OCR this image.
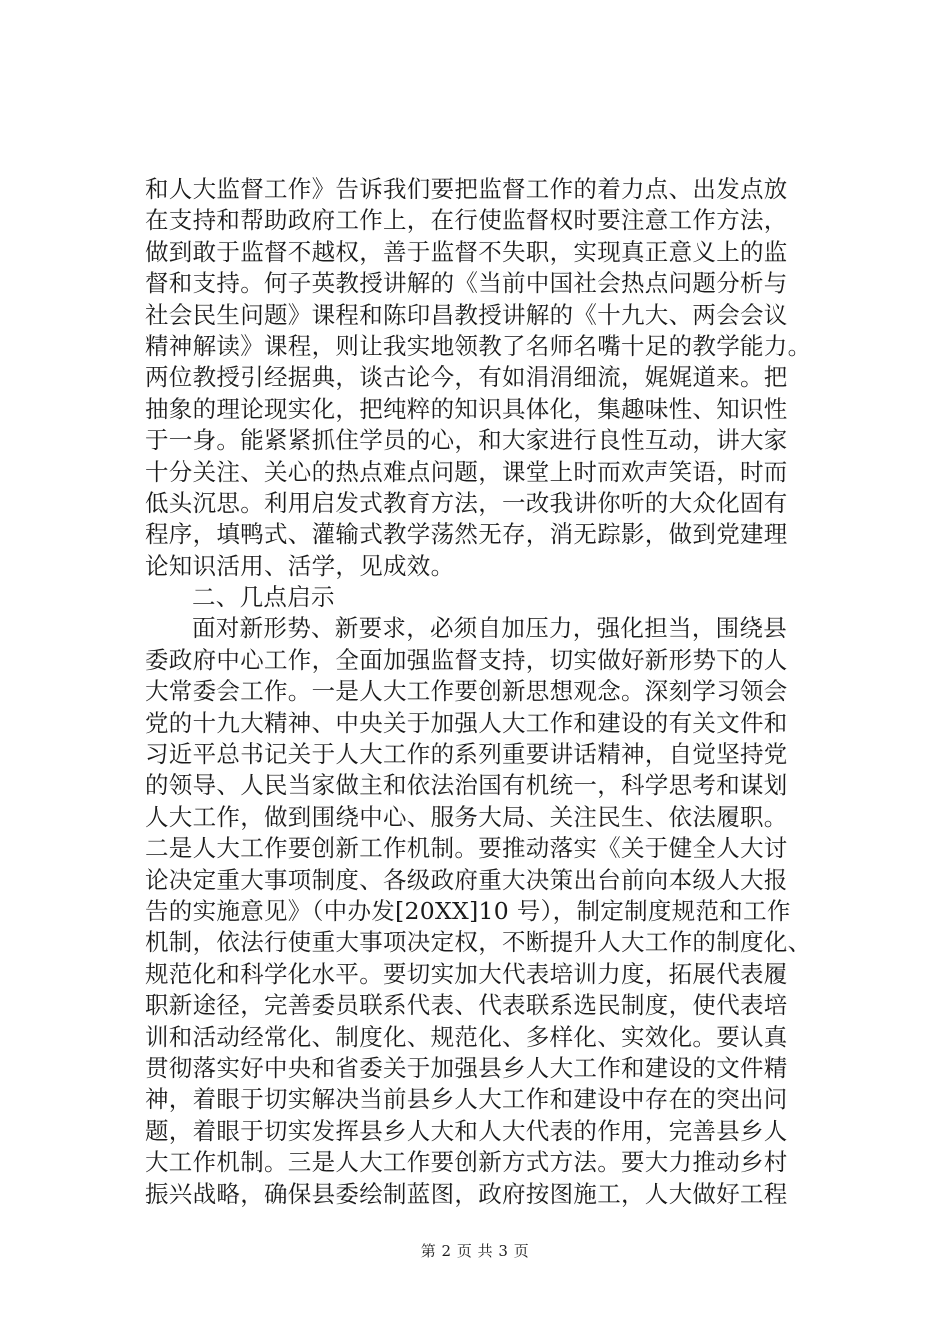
和人大监督工作》告诉我们要把监督工作的着力点、出发点放
在支持和帮助政府工作上，在行使监督权时要注意工作方法，
做到敢于监督不越权，善于监督不失职，实现真正意义上的监
督和支持。何子英教授讲解的《当前中国社会热点问题分析与
社会民生问题》课程和陈印昌教授讲解的《十九大、两会会议
精神解读》课程，则让我实地领教了名师名嘴十足的教学能力。
两位教授引经据典，谈古论今，有如涓涓细流，娓娓道来。把
抽象的理论现实化，把纯粹的知识具体化，集趣味性、知识性
于一身。能紧紧抓住学员的心，和大家进行良性互动，讲大家
十分关注、关心的热点难点问题，课堂上时而欢声笑语，时而
低头沉思。利用启发式教育方法，一改我讲你听的大众化固有
程序，填鸭式、灌输式教学荡然无存，消无踪影，做到党建理
论知识活用、活学，见成效。
二、几点启示
面对新形势、新要求，必须自加压力，强化担当，围绕县
委政府中心工作，全面加强监督支持，切实做好新形势下的人
大常委会工作。一是人大工作要创新思想观念。深刻学习领会
党的十九大精神、中央关于加强人大工作和建设的有关文件和
习近平总书记关于人大工作的系列重要讲话精神，自觉坚持党
的领导、人民当家做主和依法治国有机统一，科学思考和谋划
人大工作，做到围绕中心、服务大局、关注民生、依法履职。
二是人大工作要创新工作机制。要推动落实《关于健全人大讨
论决定重大事项制度、各级政府重大决策出台前向本级人大报
告的实施意见》（中办发[20XX]10 号），制定制度规范和工作
机制，依法行使重大事项决定权，不断提升人大工作的制度化、
规范化和科学化水平。要切实加大代表培训力度，拓展代表履
职新途径，完善委员联系代表、代表联系选民制度，使代表培
训和活动经常化、制度化、规范化、多样化、实效化。要认真
贯彻落实好中央和省委关于加强县乡人大工作和建设的文件精
神，着眼于切实解决当前县乡人大工作和建设中存在的突出问
题，着眼于切实发挥县乡人大和人大代表的作用，完善县乡人
大工作机制。三是人大工作要创新方式方法。要大力推动乡村
振兴战略，确保县委绘制蓝图，政府按图施工，人大做好工程
第 2 页 共 3 页
